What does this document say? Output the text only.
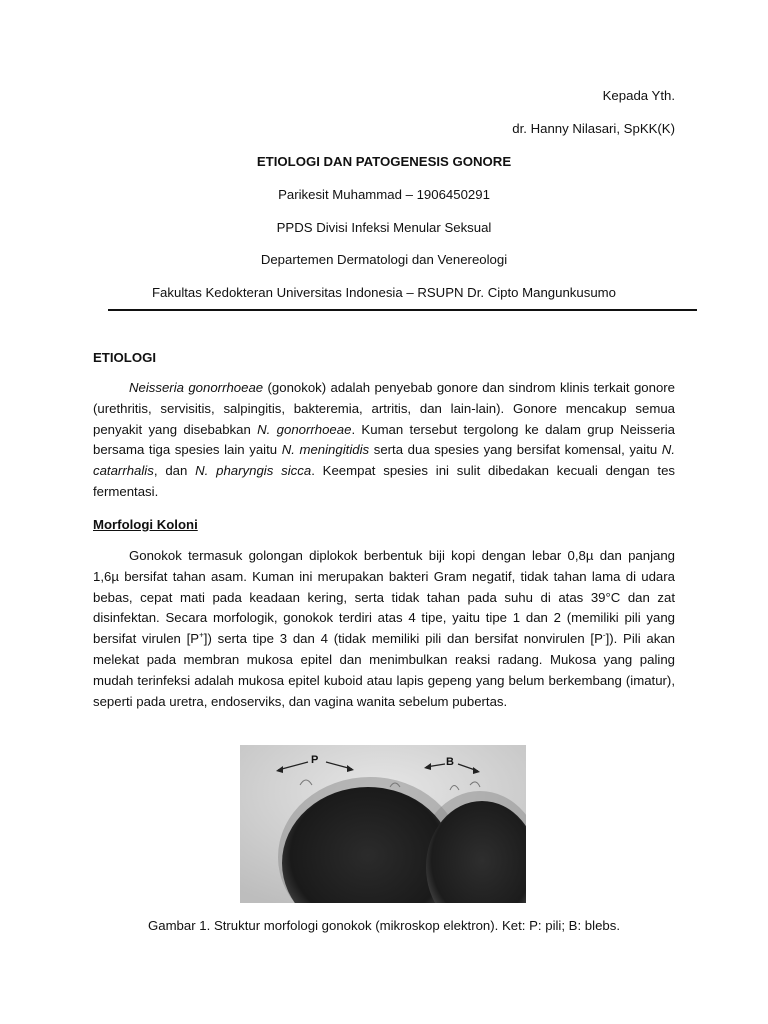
Kepada Yth.
dr. Hanny Nilasari, SpKK(K)
ETIOLOGI DAN PATOGENESIS GONORE
Parikesit Muhammad – 1906450291
PPDS Divisi Infeksi Menular Seksual
Departemen Dermatologi dan Venereologi
Fakultas Kedokteran Universitas Indonesia – RSUPN Dr. Cipto Mangunkusumo
ETIOLOGI

Neisseria gonorrhoeae (gonokok) adalah penyebab gonore dan sindrom klinis terkait gonore (urethritis, servisitis, salpingitis, bakteremia, artritis, dan lain-lain). Gonore mencakup semua penyakit yang disebabkan N. gonorrhoeae. Kuman tersebut tergolong ke dalam grup Neisseria bersama tiga spesies lain yaitu N. meningitidis serta dua spesies yang bersifat komensal, yaitu N. catarrhalis, dan N. pharyngis sicca. Keempat spesies ini sulit dibedakan kecuali dengan tes fermentasi.

Morfologi Koloni

Gonokok termasuk golongan diplokok berbentuk biji kopi dengan lebar 0,8µ dan panjang 1,6µ bersifat tahan asam. Kuman ini merupakan bakteri Gram negatif, tidak tahan lama di udara bebas, cepat mati pada keadaan kering, serta tidak tahan pada suhu di atas 39°C dan zat disinfektan. Secara morfologik, gonokok terdiri atas 4 tipe, yaitu tipe 1 dan 2 (memiliki pili yang bersifat virulen [P+]) serta tipe 3 dan 4 (tidak memiliki pili dan bersifat nonvirulen [P-]). Pili akan melekat pada membran mukosa epitel dan menimbulkan reaksi radang. Mukosa yang paling mudah terinfeksi adalah mukosa epitel kuboid atau lapis gepeng yang belum berkembang (imatur), seperti pada uretra, endoserviks, dan vagina wanita sebelum pubertas.

P	B
Gambar 1. Struktur morfologi gonokok (mikroskop elektron). Ket: P: pili; B: blebs.
